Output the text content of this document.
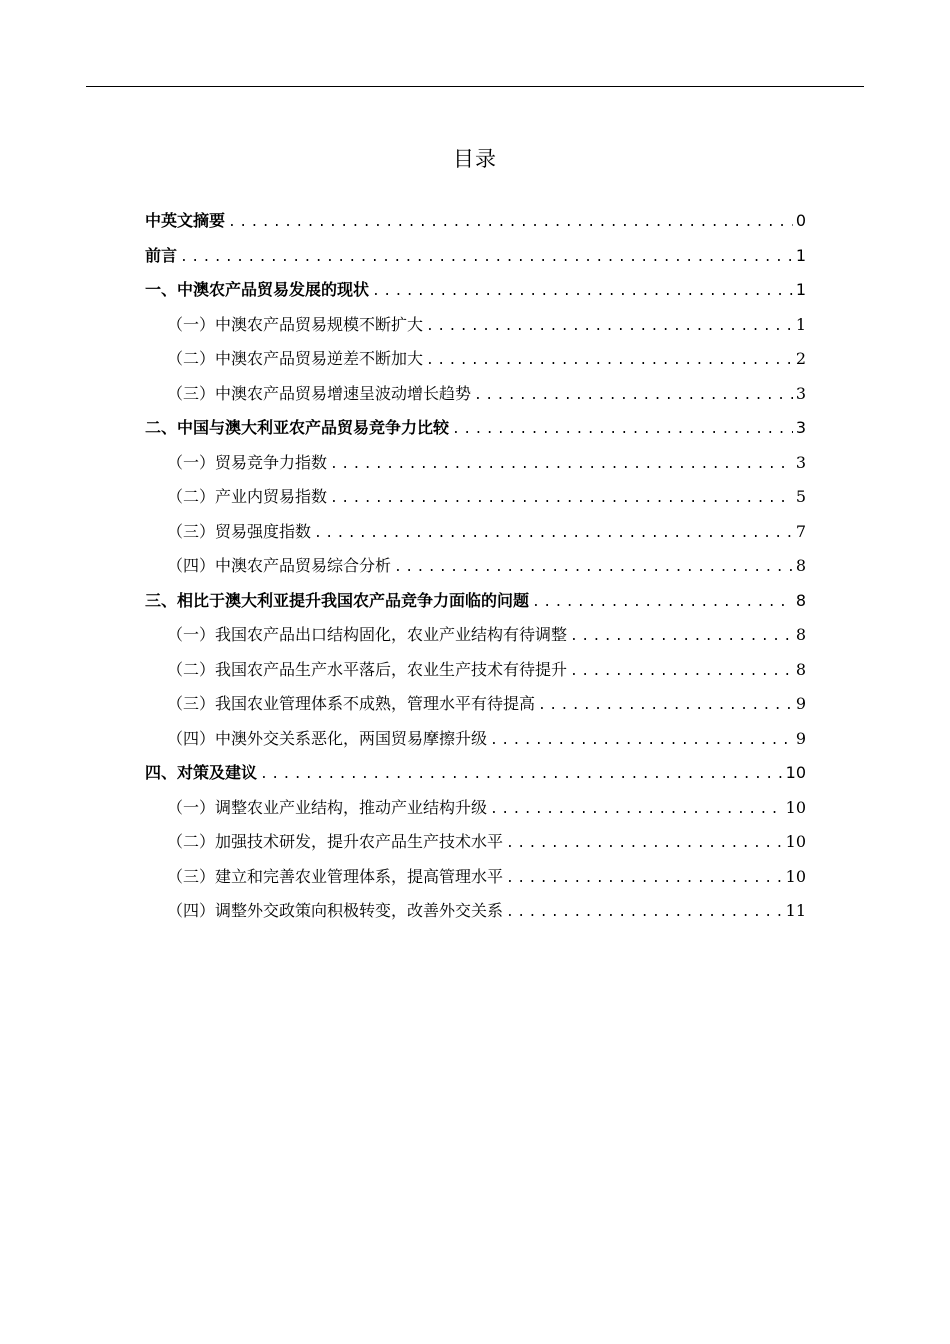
目录
中英文摘要 .....	0
前言 .....	1
一、中澳农产品贸易发展的现状 .....	1
（一）中澳农产品贸易规模不断扩大 .....	1
（二）中澳农产品贸易逆差不断加大 .....	2
（三）中澳农产品贸易增速呈波动增长趋势 .....	3
二、中国与澳大利亚农产品贸易竞争力比较 .....	3
（一）贸易竞争力指数 .....	3
（二）产业内贸易指数 .....	5
（三）贸易强度指数 .....	7
（四）中澳农产品贸易综合分析 .....	8
三、相比于澳大利亚提升我国农产品竞争力面临的问题 .....	8
（一）我国农产品出口结构固化，农业产业结构有待调整 .....	8
（二）我国农产品生产水平落后，农业生产技术有待提升 .....	8
（三）我国农业管理体系不成熟，管理水平有待提高 .....	9
（四）中澳外交关系恶化，两国贸易摩擦升级 .....	9
四、对策及建议 .....	10
（一）调整农业产业结构，推动产业结构升级 .....	10
（二）加强技术研发，提升农产品生产技术水平 .....	10
（三）建立和完善农业管理体系，提高管理水平 .....	10
（四）调整外交政策向积极转变，改善外交关系 .....	11
